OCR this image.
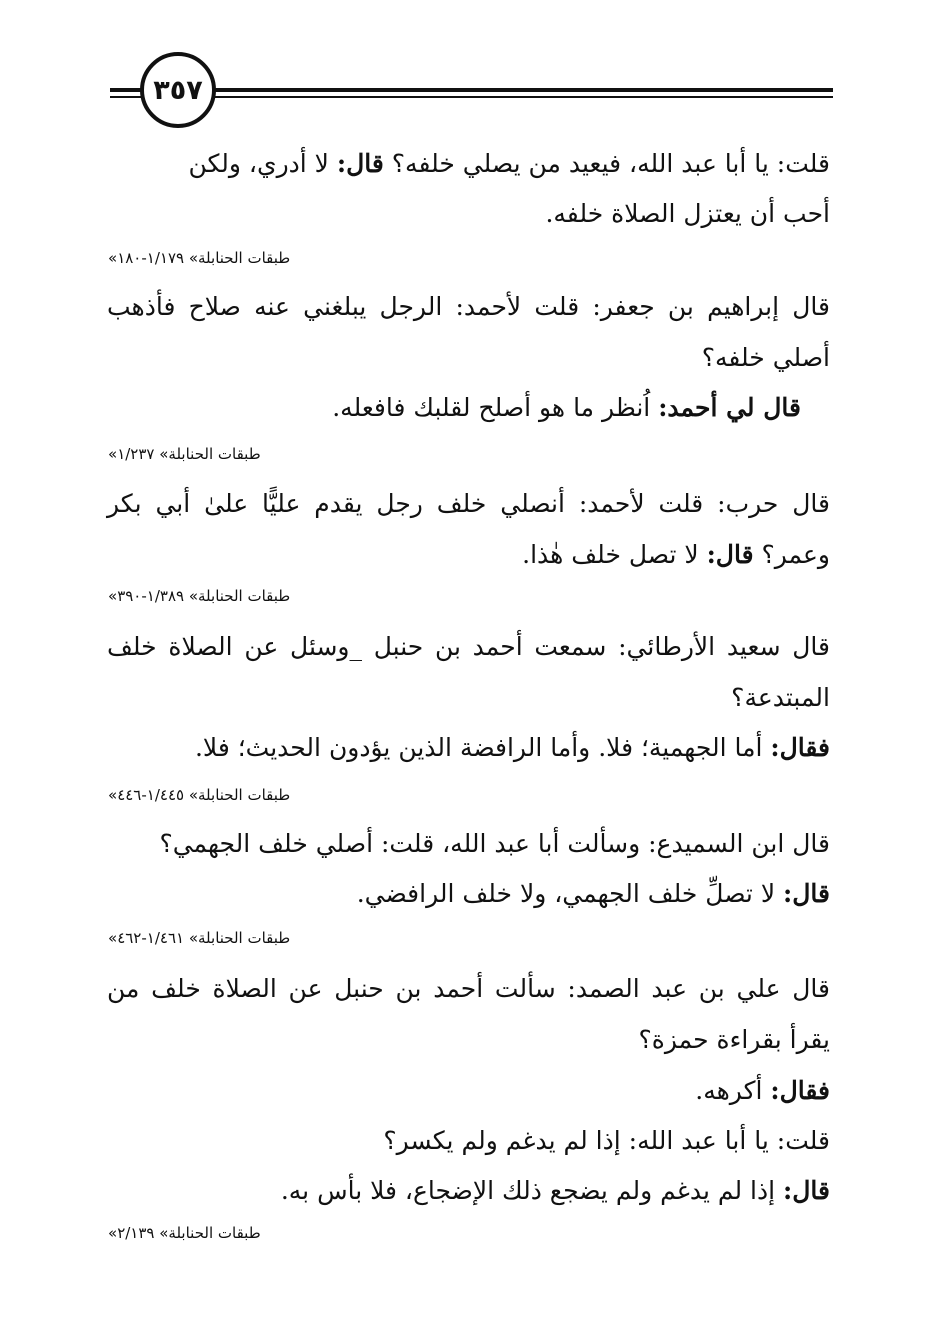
٣٥٧
قلت: يا أبا عبد الله، فيعيد من يصلي خلفه؟ قال: لا أدري، ولكن
أحب أن يعتزل الصلاة خلفه.
«طبقات الحنابلة» ١/١٧٩-١٨٠
قال إبراهيم بن جعفر: قلت لأحمد: الرجل يبلغني عنه صلاح فأذهب
أصلي خلفه؟
قال لي أحمد: اُنظر ما هو أصلح لقلبك فافعله.
«طبقات الحنابلة» ١/٢٣٧
قال حرب: قلت لأحمد: أنصلي خلف رجل يقدم عليًّا علىٰ أبي بكر
وعمر؟ قال: لا تصل خلف هٰذا.
«طبقات الحنابلة» ١/٣٨٩-٣٩٠
قال سعيد الأرطائي: سمعت أحمد بن حنبل _وسئل عن الصلاة خلف
المبتدعة؟
فقال: أما الجهمية؛ فلا. وأما الرافضة الذين يؤدون الحديث؛ فلا.
«طبقات الحنابلة» ١/٤٤٥-٤٤٦
قال ابن السميدع: وسألت أبا عبد الله، قلت: أصلي خلف الجهمي؟
قال: لا تصلِّ خلف الجهمي، ولا خلف الرافضي.
«طبقات الحنابلة» ١/٤٦١-٤٦٢
قال علي بن عبد الصمد: سألت أحمد بن حنبل عن الصلاة خلف من
يقرأ بقراءة حمزة؟
فقال: أكرهه.
قلت: يا أبا عبد الله: إذا لم يدغم ولم يكسر؟
قال: إذا لم يدغم ولم يضجع ذلك الإضجاع، فلا بأس به.
«طبقات الحنابلة» ٢/١٣٩
